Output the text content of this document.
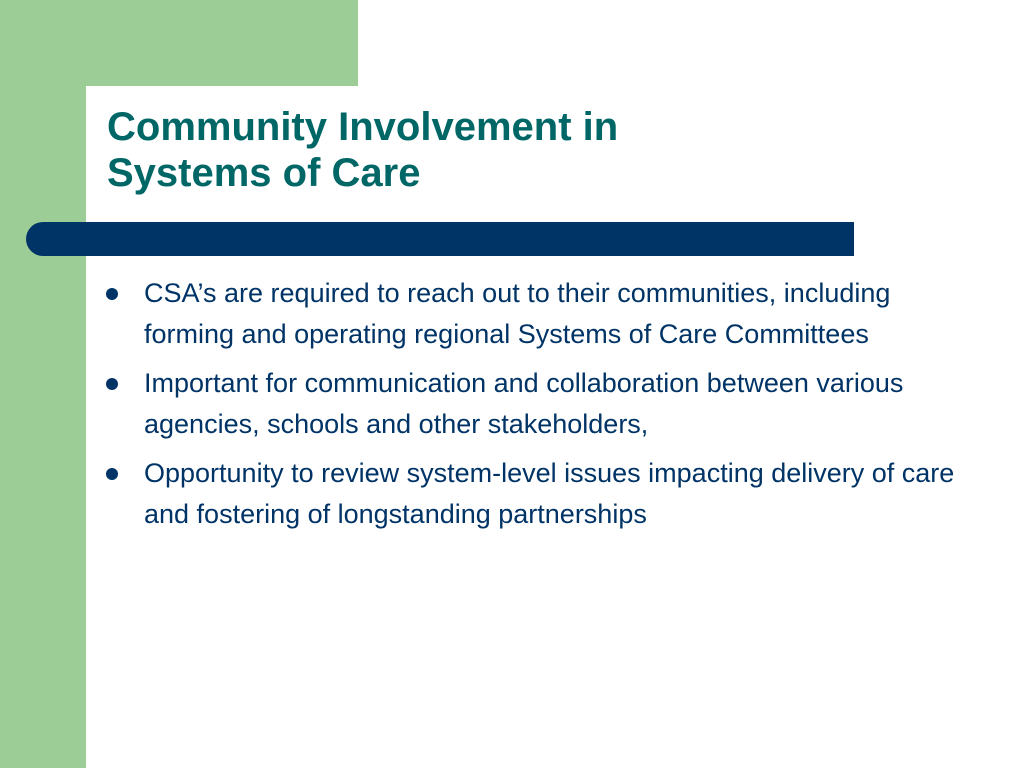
Community Involvement in
Systems of Care
CSA’s are required to reach out to their communities, including forming and operating regional Systems of Care Committees
Important for communication and collaboration between various agencies, schools and other stakeholders,
Opportunity to review system-level issues impacting delivery of care and fostering of longstanding partnerships
